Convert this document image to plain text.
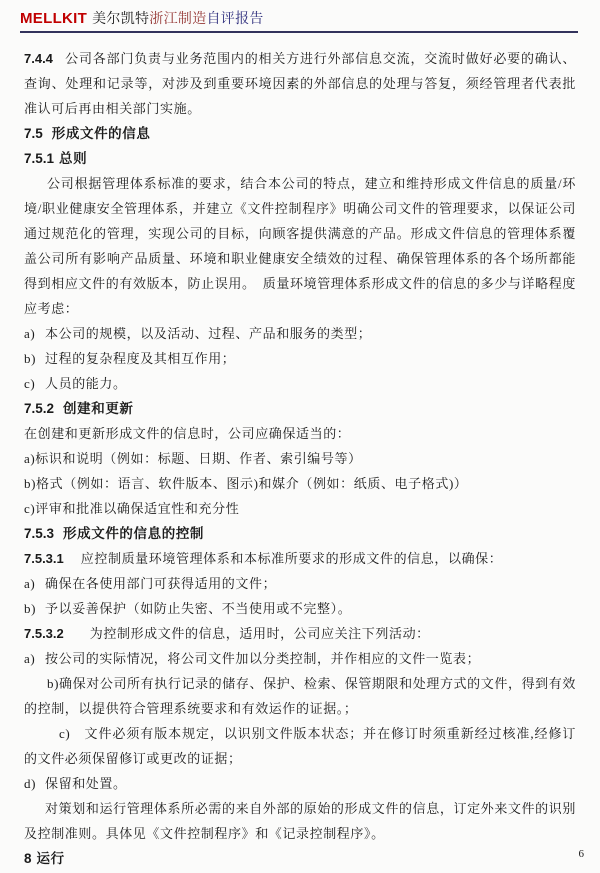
MELLKIT 美尔凯特浙江制造自评报告

7.4.4 公司各部门负责与业务范围内的相关方进行外部信息交流，交流时做好必要的确认、查询、处理和记录等，对涉及到重要环境因素的外部信息的处理与答复，须经管理者代表批准认可后再由相关部门实施。

7.5 形成文件的信息
7.5.1 总则

公司根据管理体系标准的要求，结合本公司的特点，建立和维持形成文件信息的质量/环境/职业健康安全管理体系，并建立《文件控制程序》明确公司文件的管理要求，以保证公司通过规范化的管理，实现公司的目标，向顾客提供满意的产品。形成文件信息的管理体系覆盖公司所有影响产品质量、环境和职业健康安全绩效的过程、确保管理体系的各个场所都能得到相应文件的有效版本，防止误用。　质量环境管理体系形成文件的信息的多少与详略程度应考虑：

a) 本公司的规模，以及活动、过程、产品和服务的类型；

b) 过程的复杂程度及其相互作用；

c) 人员的能力。

7.5.2 创建和更新

在创建和更新形成文件的信息时，公司应确保适当的：

a)标识和说明（例如：标题、日期、作者、索引编号等）

b)格式（例如：语言、软件版本、图示)和媒介（例如：纸质、电子格式)）

c)评审和批准以确保适宜性和充分性

7.5.3 形成文件的信息的控制

7.5.3.1 应控制质量环境管理体系和本标准所要求的形成文件的信息，以确保：

a) 确保在各使用部门可获得适用的文件；

b) 予以妥善保护（如防止失密、不当使用或不完整）。

7.5.3.2 为控制形成文件的信息，适用时，公司应关注下列活动：

a) 按公司的实际情况，将公司文件加以分类控制，并作相应的文件一览表；

b)确保对公司所有执行记录的储存、保护、检索、保管期限和处理方式的文件，得到有效的控制，以提供符合管理系统要求和有效运作的证据。；

c)　文件必须有版本规定，以识别文件版本状态；并在修订时须重新经过核准,经修订的文件必须保留修订或更改的证据；

d) 保留和处置。

对策划和运行管理体系所必需的来自外部的原始的形成文件的信息，订定外来文件的识别及控制准则。具体见《文件控制程序》和《记录控制程序》。

8 运行	6
